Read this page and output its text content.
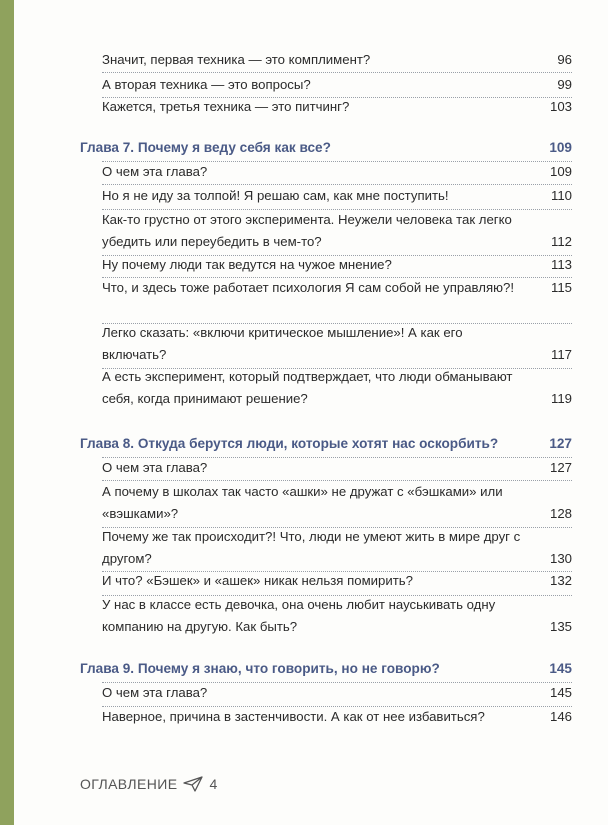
Значит, первая техника — это комплимент?	96
А вторая техника — это вопросы?	99
Кажется, третья техника — это питчинг?	103
Глава 7. Почему я веду себя как все?	109
О чем эта глава?	109
Но я не иду за толпой! Я решаю сам, как мне поступить!	110
Как-то грустно от этого эксперимента. Неужели человека так легко убедить или переубедить в чем-то?	112
Ну почему люди так ведутся на чужое мнение?	113
Что, и здесь тоже работает психология Я сам собой не управляю?!	115
Легко сказать: «включи критическое мышление»! А как его включать?	117
А есть эксперимент, который подтверждает, что люди обманывают себя, когда принимают решение?	119
Глава 8. Откуда берутся люди, которые хотят нас оскорбить?	127
О чем эта глава?	127
А почему в школах так часто «ашки» не дружат с «бэшками» или «вэшками»?	128
Почему же так происходит?! Что, люди не умеют жить в мире друг с другом?	130
И что? «Бэшек» и «ашек» никак нельзя помирить?	132
У нас в классе есть девочка, она очень любит науськивать одну компанию на другую. Как быть?	135
Глава 9. Почему я знаю, что говорить, но не говорю?	145
О чем эта глава?	145
Наверное, причина в застенчивости. А как от нее избавиться?	146
ОГЛАВЛЕНИЕ 4
